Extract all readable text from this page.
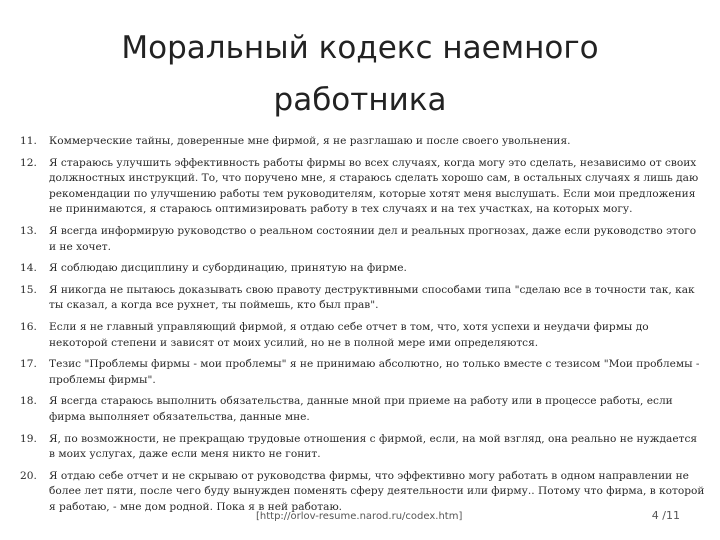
Моральный кодекс наемного работника
11.	Коммерческие тайны, доверенные мне фирмой, я не разглашаю и после своего увольнения.
12.	Я стараюсь улучшить эффективность работы фирмы во всех случаях, когда могу это сделать, независимо от своих должностных инструкций. То, что поручено мне, я стараюсь сделать хорошо сам, в остальных случаях я лишь даю рекомендации по улучшению работы тем руководителям, которые хотят меня выслушать. Если мои предложения не принимаются, я стараюсь оптимизировать работу в тех случаях и на тех участках, на которых могу.
13.	Я всегда информирую руководство о реальном состоянии дел и реальных прогнозах, даже если руководство этого и не хочет.
14.	Я соблюдаю дисциплину и субординацию, принятую на фирме.
15.	Я никогда не пытаюсь доказывать свою правоту деструктивными способами типа "сделаю все в точности так, как ты сказал, а когда все рухнет, ты поймешь, кто был прав".
16.	Если я не главный управляющий фирмой, я отдаю себе отчет в том, что, хотя успехи и неудачи фирмы до некоторой степени и зависят от моих усилий, но не в полной мере ими определяются.
17.	Тезис "Проблемы фирмы - мои проблемы" я не принимаю абсолютно, но только вместе с тезисом "Мои проблемы - проблемы фирмы".
18.	Я всегда стараюсь выполнить обязательства, данные мной при приеме на работу или в процессе работы, если фирма выполняет обязательства, данные мне.
19.	Я, по возможности, не прекращаю трудовые отношения с фирмой, если, на мой взгляд, она реально не нуждается в моих услугах, даже если меня никто не гонит.
20.	Я отдаю себе отчет и не скрываю от руководства фирмы, что эффективно могу работать в одном направлении не более лет пяти, после чего буду вынужден поменять сферу деятельности или фирму.. Потому что фирма, в которой я работаю, - мне дом родной. Пока я в ней работаю.
[http://orlov-resume.narod.ru/codex.htm]	4 /11
